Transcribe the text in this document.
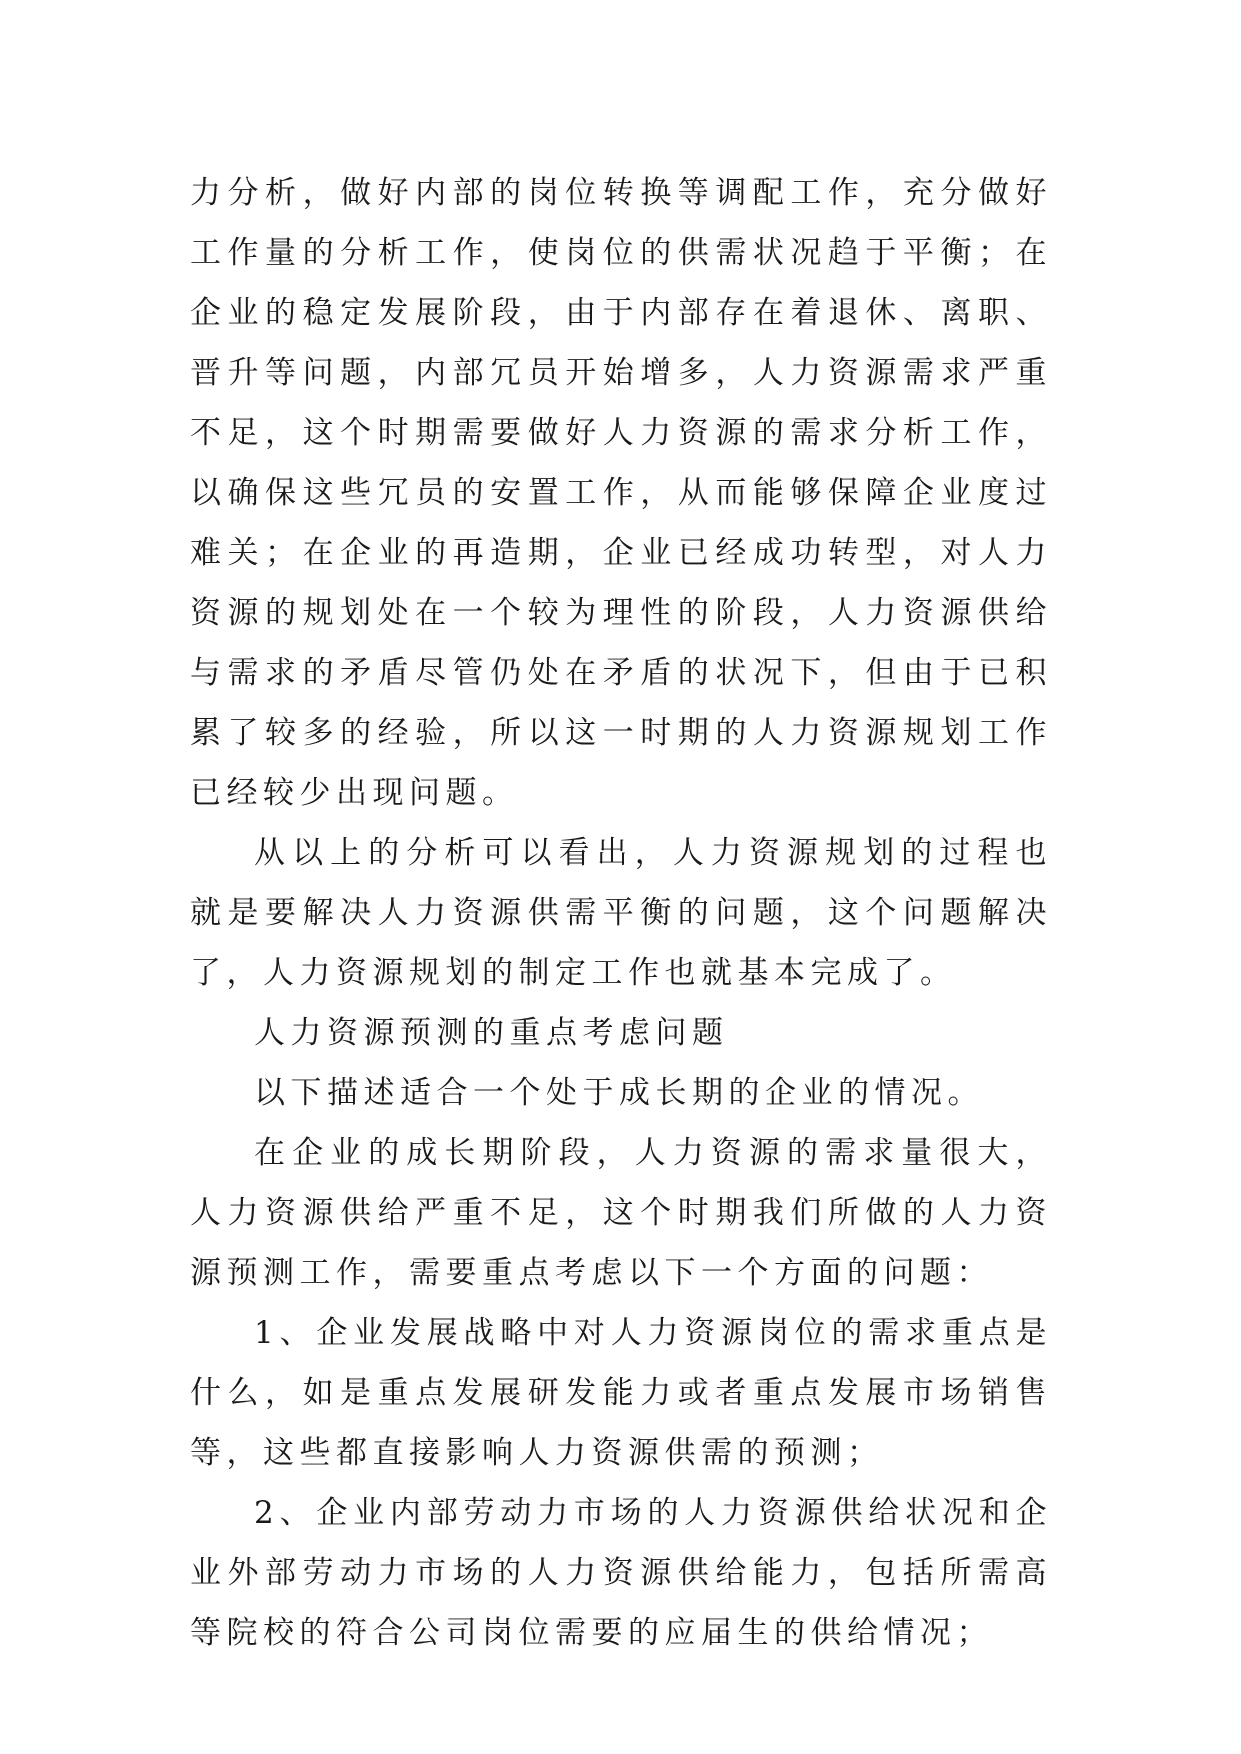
力分析，做好内部的岗位转换等调配工作，充分做好工作量的分析工作，使岗位的供需状况趋于平衡；在企业的稳定发展阶段，由于内部存在着退休、离职、晋升等问题，内部冗员开始增多，人力资源需求严重不足，这个时期需要做好人力资源的需求分析工作，以确保这些冗员的安置工作，从而能够保障企业度过难关；在企业的再造期，企业已经成功转型，对人力资源的规划处在一个较为理性的阶段，人力资源供给与需求的矛盾尽管仍处在矛盾的状况下，但由于已积累了较多的经验，所以这一时期的人力资源规划工作已经较少出现问题。

从以上的分析可以看出，人力资源规划的过程也就是要解决人力资源供需平衡的问题，这个问题解决了，人力资源规划的制定工作也就基本完成了。

人力资源预测的重点考虑问题

以下描述适合一个处于成长期的企业的情况。

在企业的成长期阶段，人力资源的需求量很大，人力资源供给严重不足，这个时期我们所做的人力资源预测工作，需要重点考虑以下一个方面的问题：

1、企业发展战略中对人力资源岗位的需求重点是什么，如是重点发展研发能力或者重点发展市场销售等，这些都直接影响人力资源供需的预测；

2、企业内部劳动力市场的人力资源供给状况和企业外部劳动力市场的人力资源供给能力，包括所需高等院校的符合公司岗位需要的应届生的供给情况；
